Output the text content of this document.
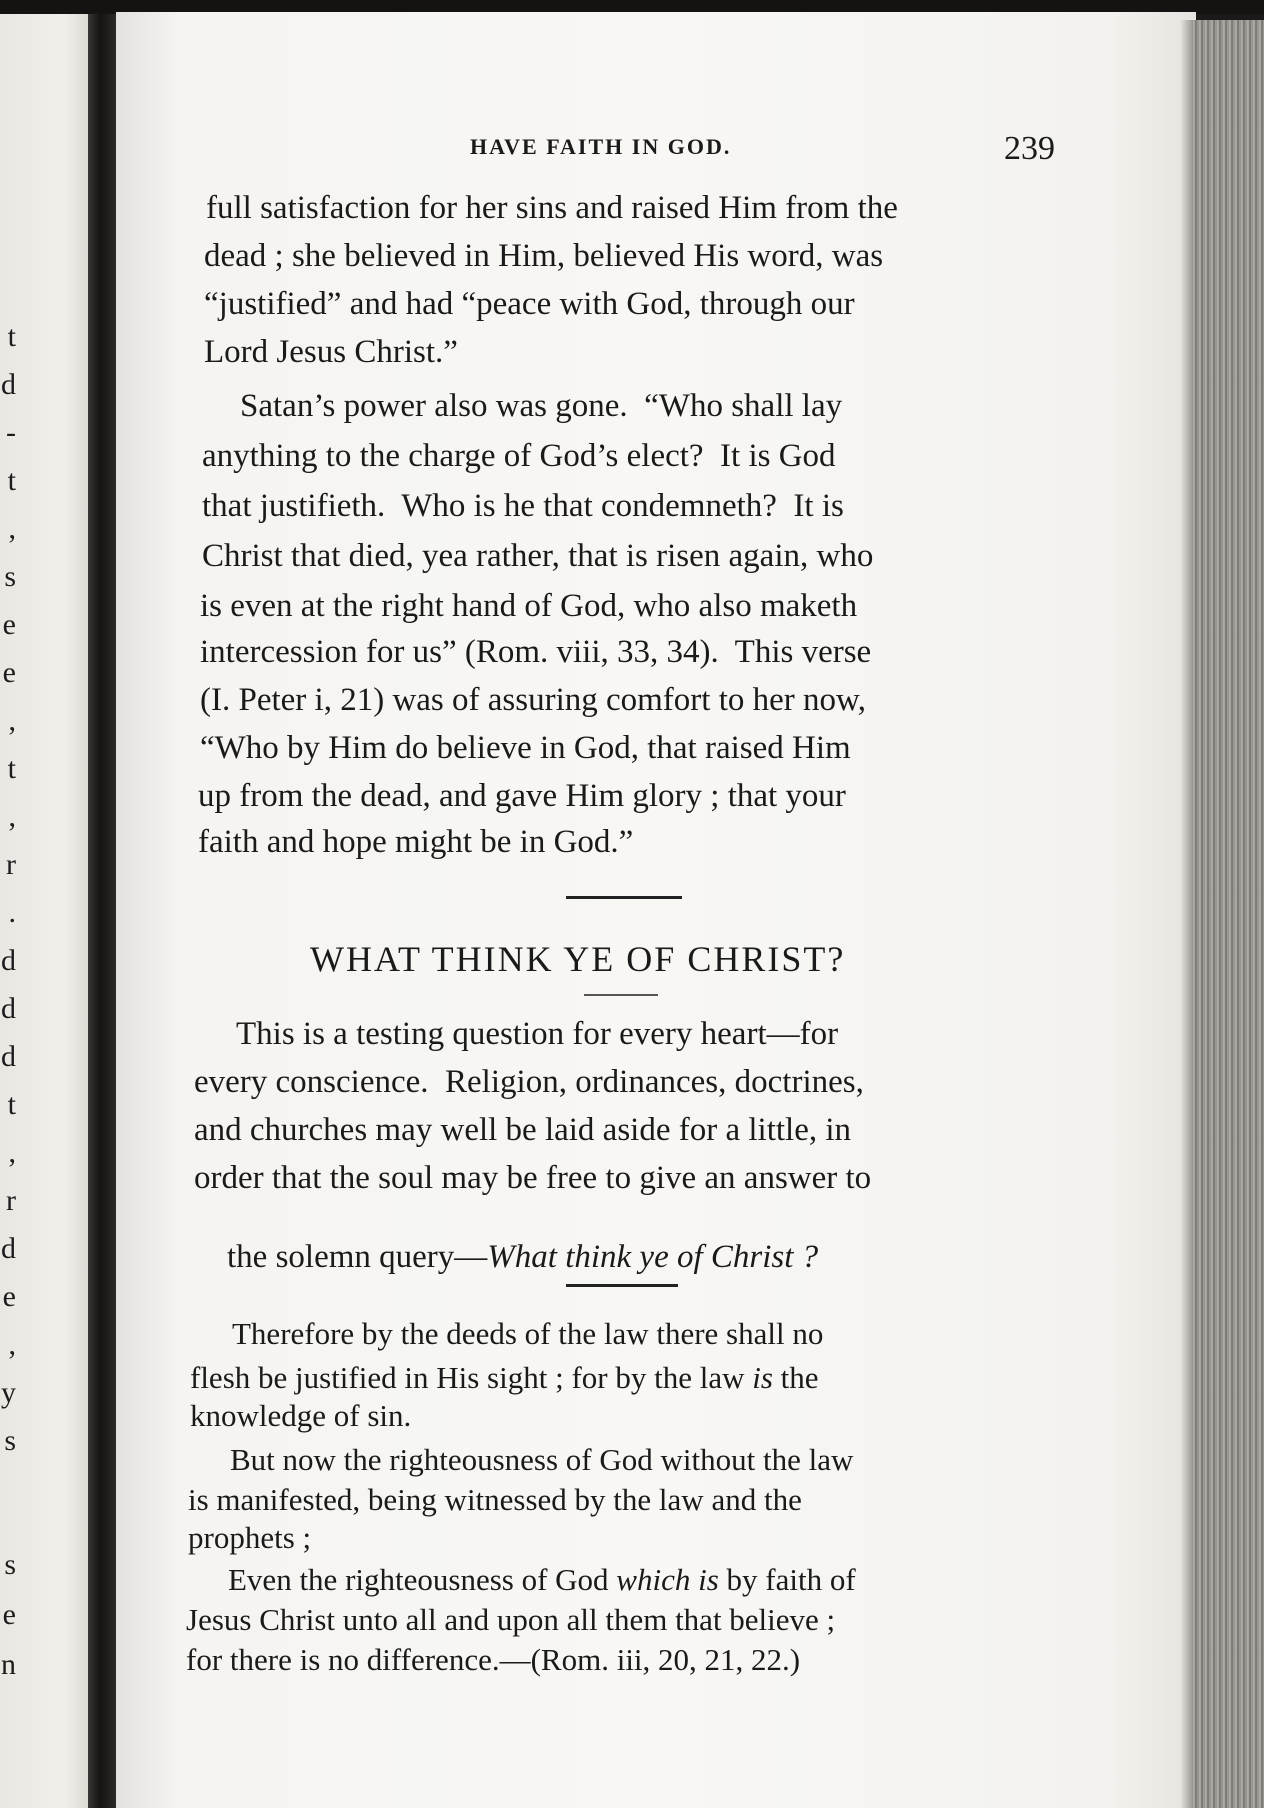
t
d
-
t
,
s
e
e
,
t
,
r
.
d
d
d
t
,
r
d
e
,
y
s
s
e
n
HAVE FAITH IN GOD.	239
full satisfaction for her sins and raised Him from the
dead ; she believed in Him, believed His word, was
“justified” and had “peace with God, through our
Lord Jesus Christ.”
Satan’s power also was gone.  “Who shall lay
anything to the charge of God’s elect?  It is God
that justifieth.  Who is he that condemneth?  It is
Christ that died, yea rather, that is risen again, who
is even at the right hand of God, who also maketh
intercession for us” (Rom. viii, 33, 34).  This verse
(I. Peter i, 21) was of assuring comfort to her now,
“Who by Him do believe in God, that raised Him
up from the dead, and gave Him glory ; that your
faith and hope might be in God.”
WHAT THINK YE OF CHRIST?
This is a testing question for every heart—for
every conscience.  Religion, ordinances, doctrines,
and churches may well be laid aside for a little, in
order that the soul may be free to give an answer to

the solemn query—What think ye of Christ ?

Therefore by the deeds of the law there shall no
flesh be justified in His sight ; for by the law is the
knowledge of sin.
But now the righteousness of God without the law
is manifested, being witnessed by the law and the
prophets ;
Even the righteousness of God which is by faith of
Jesus Christ unto all and upon all them that believe ;
for there is no difference.—(Rom. iii, 20, 21, 22.)
